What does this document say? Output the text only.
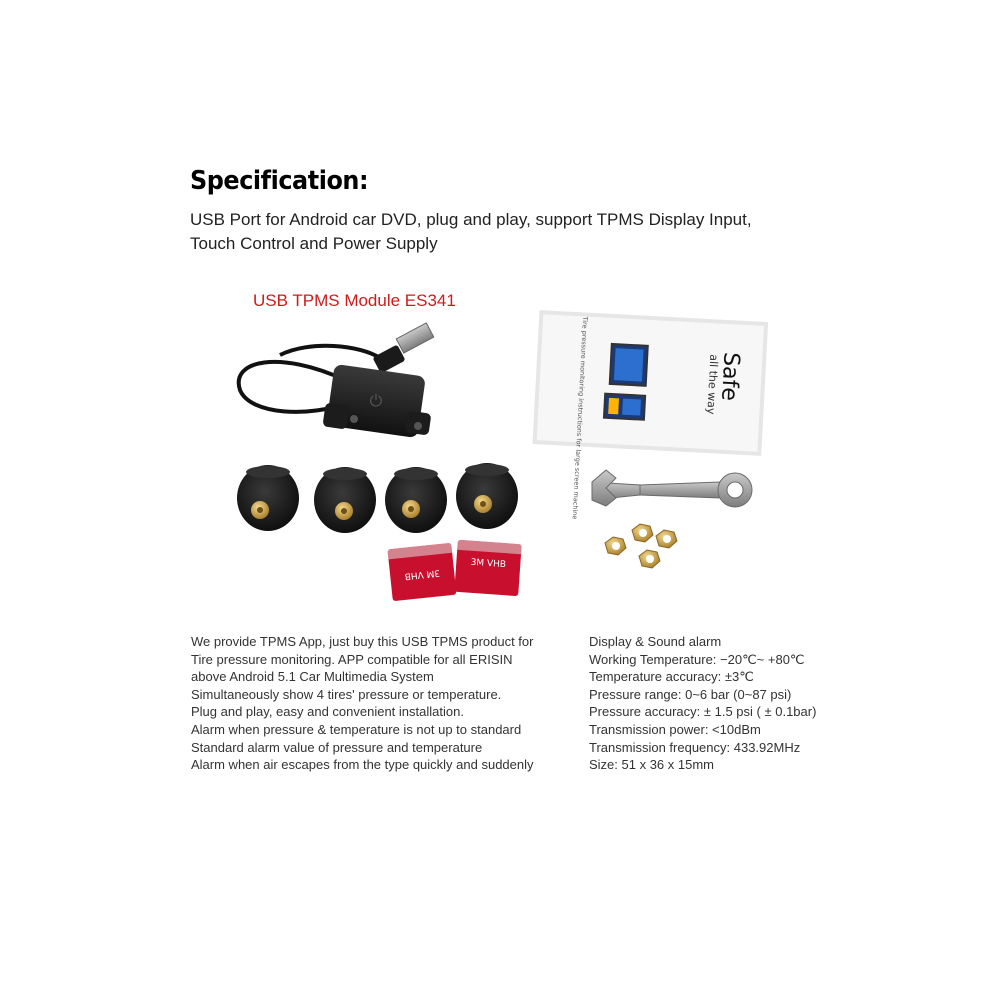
Specification:
USB Port for Android car DVD, plug and play, support TPMS Display Input,
Touch Control and Power Supply
USB TPMS Module ES341
⏻	Safe
all the way
Tire pressure monitoring instructions for large screen machine
3M VHB
3M VHB
We provide TPMS App, just buy this USB TPMS product for
Tire pressure monitoring. APP compatible for all ERISIN
above Android 5.1 Car Multimedia System
Simultaneously show 4 tires' pressure or temperature.
Plug and play, easy and convenient installation.
Alarm when pressure & temperature is not up to standard
Standard alarm value of pressure and temperature
Alarm when air escapes from the type quickly and suddenly
Display & Sound alarm
Working Temperature: −20℃~ +80℃
Temperature accuracy: ±3℃
Pressure range: 0~6 bar (0~87 psi)
Pressure accuracy: ± 1.5 psi ( ± 0.1bar)
Transmission power: <10dBm
Transmission frequency: 433.92MHz
Size: 51 x 36 x 15mm
